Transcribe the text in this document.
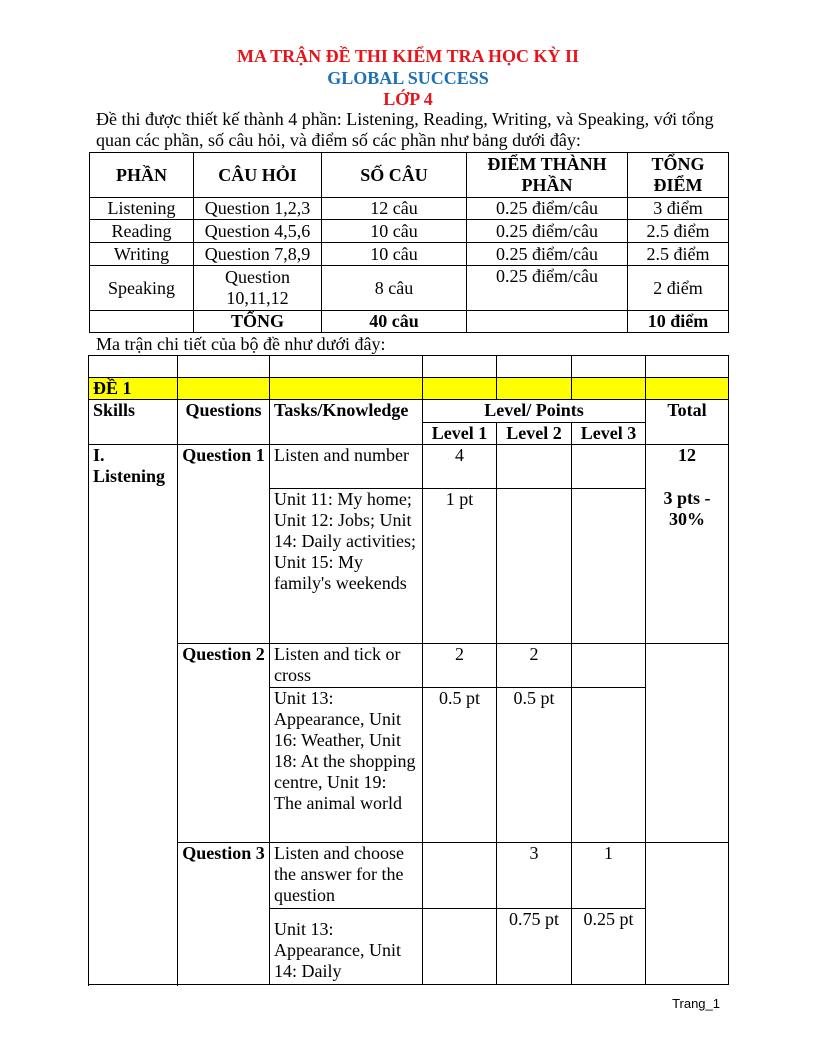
MA TRẬN ĐỀ THI KIỂM TRA HỌC KỲ II
GLOBAL SUCCESS
LỚP 4
Đề thi được thiết kế thành 4 phần: Listening, Reading, Writing, và Speaking, với tổng quan các phần, số câu hỏi, và điểm số các phần như bảng dưới đây:
PHẦN	CÂU HỎI	SỐ CÂU	ĐIỂM THÀNH PHẦN	TỔNG ĐIỂM
Listening	Question 1,2,3	12 câu	0.25 điểm/câu	3 điểm
Reading	Question 4,5,6	10 câu	0.25 điểm/câu	2.5 điểm
Writing	Question 7,8,9	10 câu	0.25 điểm/câu	2.5 điểm
Speaking	Question 10,11,12	8 câu	0.25 điểm/câu	2 điểm
	TỔNG	40 câu		10 điểm
Ma trận chi tiết của bộ đề như dưới đây:

ĐỀ 1						
Skills	Questions	Tasks/Knowledge	Level/ Points			Total
			Level 1	Level 2	Level 3	
I. Listening	Question 1	Listen and number	4			12
3 pts - 30%

		Unit 11: My home; Unit 12: Jobs; Unit 14: Daily activities; Unit 15: My family's weekends	1 pt			
	Question 2	Listen and tick or cross	2	2		
		Unit 13: Appearance, Unit 16: Weather, Unit 18: At the shopping centre, Unit 19: The animal world	0.5 pt	0.5 pt		
	Question 3	Listen and choose the answer for the question		3	1	
		Unit 13: Appearance, Unit 14: Daily		0.75 pt	0.25 pt	

Trang_1
